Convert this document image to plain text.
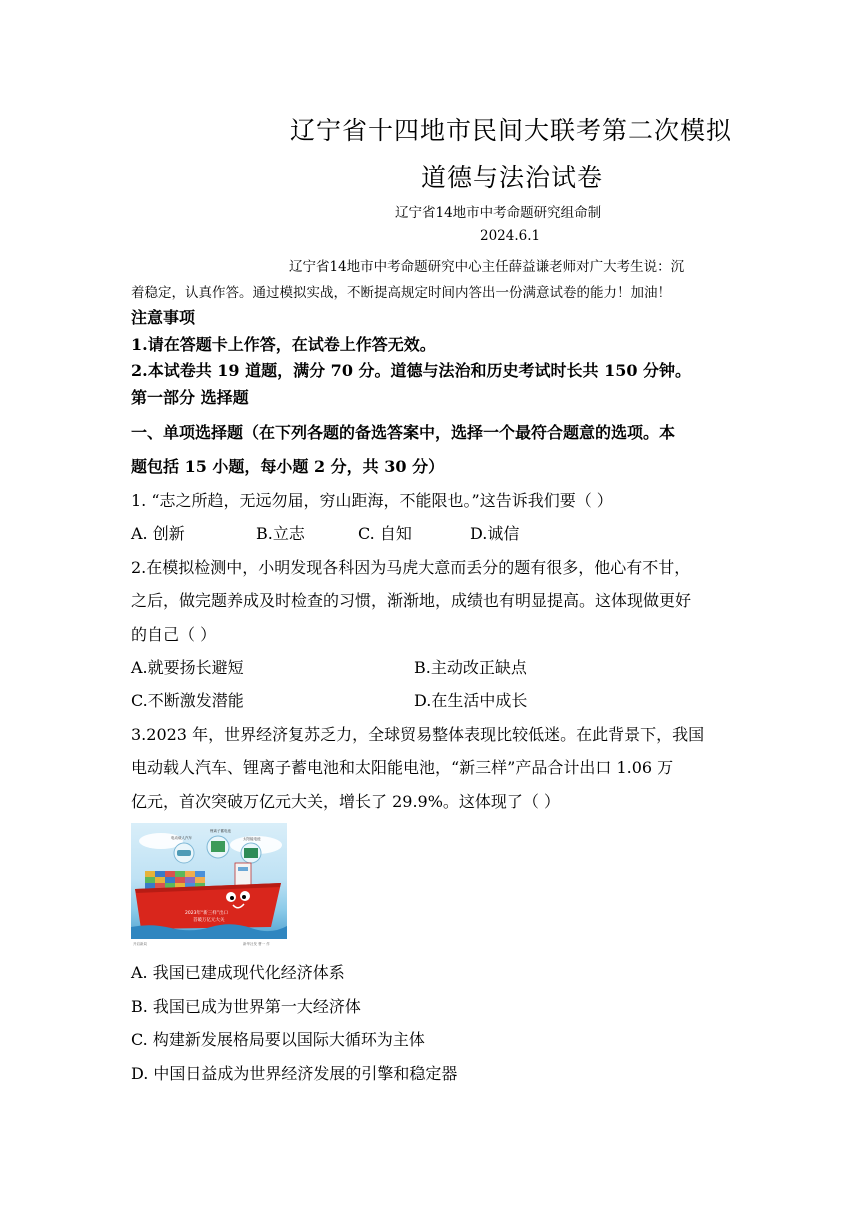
辽宁省十四地市民间大联考第二次模拟
道德与法治试卷
辽宁省14地市中考命题研究组命制
2024.6.1
辽宁省14地市中考命题研究中心主任薛益谦老师对广大考生说：沉
着稳定，认真作答。通过模拟实战，不断提高规定时间内答出一份满意试卷的能力！加油！
注意事项
1.请在答题卡上作答，在试卷上作答无效。
2.本试卷共 19 道题，满分 70 分。道德与法治和历史考试时长共 150 分钟。
第一部分 选择题
一、单项选择题（在下列各题的备选答案中，选择一个最符合题意的选项。本
题包括 15 小题，每小题 2 分，共 30 分）
1. “志之所趋，无远勿届，穷山距海，不能限也。”这告诉我们要（ ）
A. 创新	B.立志	C. 自知	D.诚信
2.在模拟检测中，小明发现各科因为马虎大意而丢分的题有很多，他心有不甘，
之后，做完题养成及时检查的习惯，渐渐地，成绩也有明显提高。这体现做更好
的自己（ ）
A.就要扬长避短	B.主动改正缺点
C.不断激发潜能	D.在生活中成长
3.2023 年，世界经济复苏乏力，全球贸易整体表现比较低迷。在此背景下，我国
电动载人汽车、锂离子蓄电池和太阳能电池，“新三样”产品合计出口 1.06 万
亿元，首次突破万亿元大关，增长了 29.9%。这体现了（ ）
电动载人汽车
锂离子蓄电池
太阳能电池
2023年“新三样”出口
首破万亿元大关
开启新局	新华社发 曹一 作
A. 我国已建成现代化经济体系
B. 我国已成为世界第一大经济体
C. 构建新发展格局要以国际大循环为主体
D. 中国日益成为世界经济发展的引擎和稳定器
